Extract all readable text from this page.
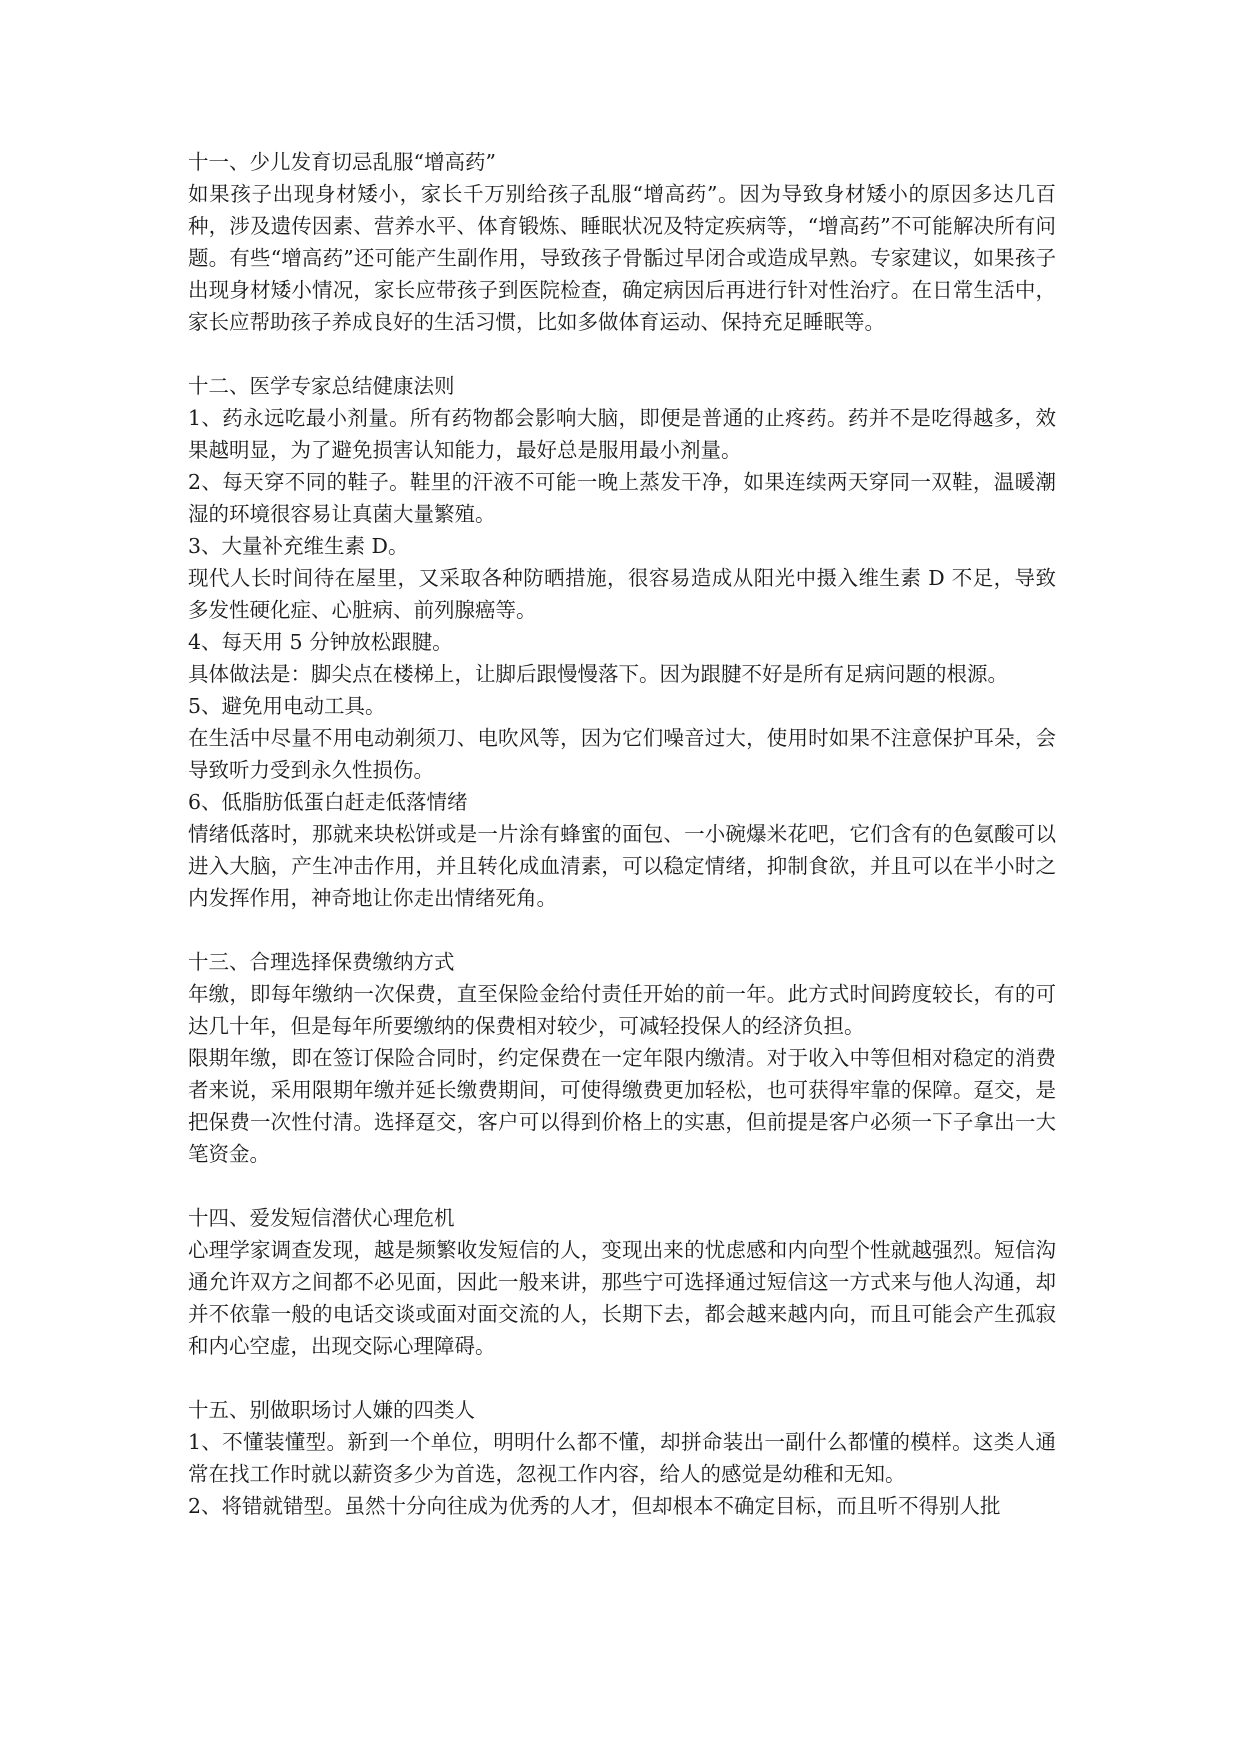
十一、少儿发育切忌乱服“增高药”

如果孩子出现身材矮小，家长千万别给孩子乱服“增高药”。因为导致身材矮小的原因多达几百种，涉及遗传因素、营养水平、体育锻炼、睡眠状况及特定疾病等，“增高药”不可能解决所有问题。有些“增高药”还可能产生副作用，导致孩子骨骺过早闭合或造成早熟。专家建议，如果孩子出现身材矮小情况，家长应带孩子到医院检查，确定病因后再进行针对性治疗。在日常生活中，家长应帮助孩子养成良好的生活习惯，比如多做体育运动、保持充足睡眠等。

十二、医学专家总结健康法则

1、药永远吃最小剂量。所有药物都会影响大脑，即便是普通的止疼药。药并不是吃得越多，效果越明显，为了避免损害认知能力，最好总是服用最小剂量。

2、每天穿不同的鞋子。鞋里的汗液不可能一晚上蒸发干净，如果连续两天穿同一双鞋，温暖潮湿的环境很容易让真菌大量繁殖。

3、大量补充维生素 D。

现代人长时间待在屋里，又采取各种防晒措施，很容易造成从阳光中摄入维生素 D 不足，导致多发性硬化症、心脏病、前列腺癌等。

4、每天用 5 分钟放松跟腱。

具体做法是：脚尖点在楼梯上，让脚后跟慢慢落下。因为跟腱不好是所有足病问题的根源。

5、避免用电动工具。

在生活中尽量不用电动剃须刀、电吹风等，因为它们噪音过大，使用时如果不注意保护耳朵，会导致听力受到永久性损伤。

6、低脂肪低蛋白赶走低落情绪

情绪低落时，那就来块松饼或是一片涂有蜂蜜的面包、一小碗爆米花吧，它们含有的色氨酸可以进入大脑，产生冲击作用，并且转化成血清素，可以稳定情绪，抑制食欲，并且可以在半小时之内发挥作用，神奇地让你走出情绪死角。

十三、合理选择保费缴纳方式

年缴，即每年缴纳一次保费，直至保险金给付责任开始的前一年。此方式时间跨度较长，有的可达几十年，但是每年所要缴纳的保费相对较少，可减轻投保人的经济负担。

限期年缴，即在签订保险合同时，约定保费在一定年限内缴清。对于收入中等但相对稳定的消费者来说，采用限期年缴并延长缴费期间，可使得缴费更加轻松，也可获得牢靠的保障。趸交，是把保费一次性付清。选择趸交，客户可以得到价格上的实惠，但前提是客户必须一下子拿出一大笔资金。

十四、爱发短信潜伏心理危机

心理学家调查发现，越是频繁收发短信的人，变现出来的忧虑感和内向型个性就越强烈。短信沟通允许双方之间都不必见面，因此一般来讲，那些宁可选择通过短信这一方式来与他人沟通，却并不依靠一般的电话交谈或面对面交流的人，长期下去，都会越来越内向，而且可能会产生孤寂和内心空虚，出现交际心理障碍。

十五、别做职场讨人嫌的四类人

1、不懂装懂型。新到一个单位，明明什么都不懂，却拼命装出一副什么都懂的模样。这类人通常在找工作时就以薪资多少为首选，忽视工作内容，给人的感觉是幼稚和无知。

2、将错就错型。虽然十分向往成为优秀的人才，但却根本不确定目标，而且听不得别人批
